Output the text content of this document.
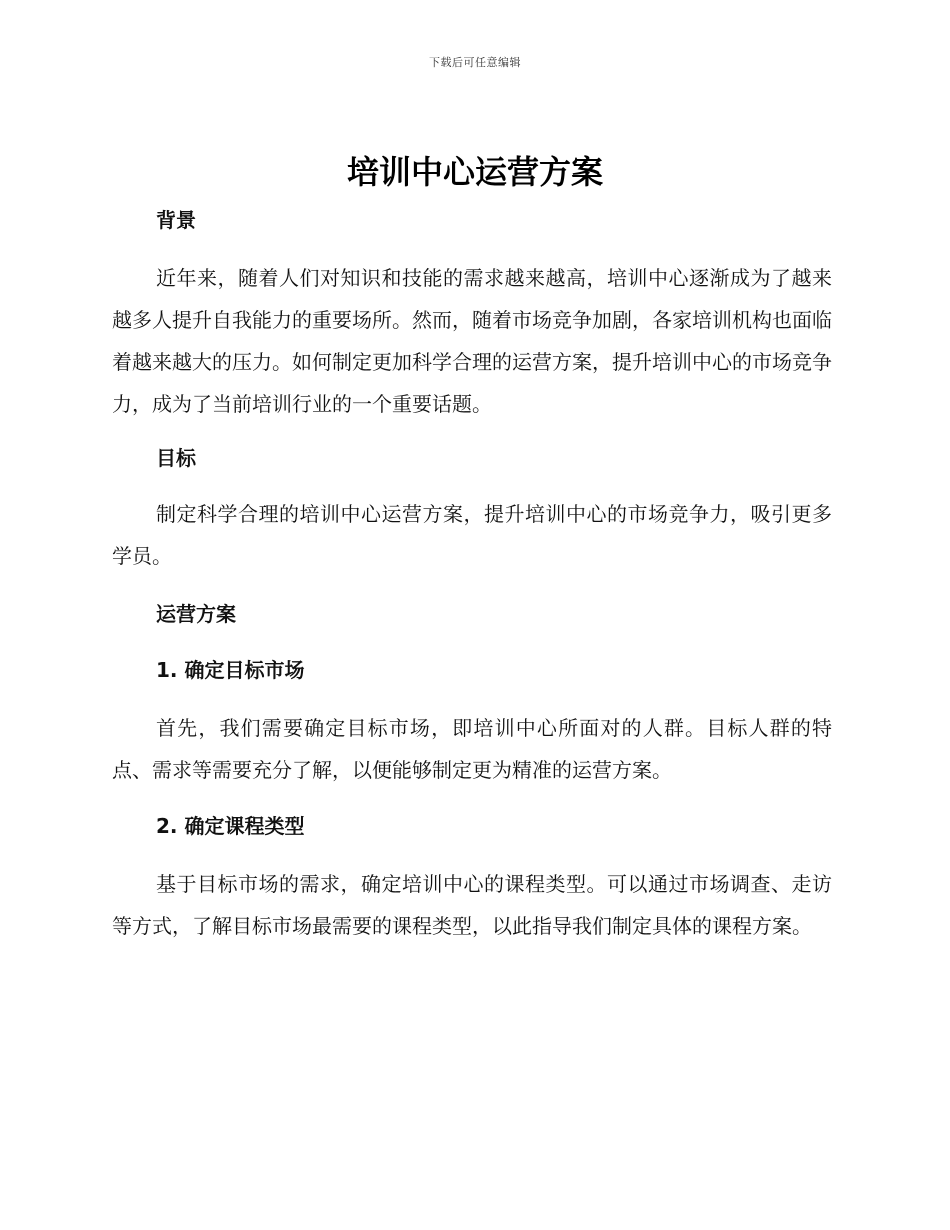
下载后可任意编辑
培训中心运营方案

背景

近年来，随着人们对知识和技能的需求越来越高，培训中心逐渐成为了越来越多人提升自我能力的重要场所。然而，随着市场竞争加剧，各家培训机构也面临着越来越大的压力。如何制定更加科学合理的运营方案，提升培训中心的市场竞争力，成为了当前培训行业的一个重要话题。

目标

制定科学合理的培训中心运营方案，提升培训中心的市场竞争力，吸引更多学员。

运营方案

1. 确定目标市场

首先，我们需要确定目标市场，即培训中心所面对的人群。目标人群的特点、需求等需要充分了解，以便能够制定更为精准的运营方案。

2. 确定课程类型

基于目标市场的需求，确定培训中心的课程类型。可以通过市场调查、走访等方式，了解目标市场最需要的课程类型，以此指导我们制定具体的课程方案。
